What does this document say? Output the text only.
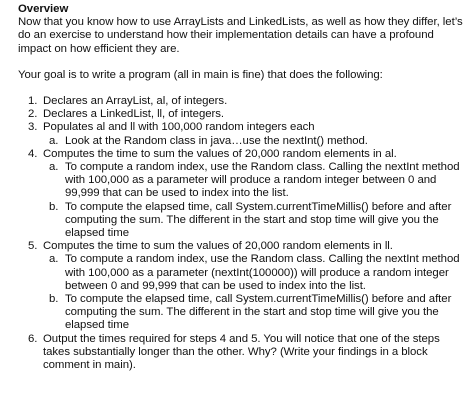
Overview

Now that you know how to use ArrayLists and LinkedLists, as well as how they differ, let’s do an exercise to understand how their implementation details can have a profound impact on how efficient they are.

Your goal is to write a program (all in main is fine) that does the following:

1. Declares an ArrayList, al, of integers.
2. Declares a LinkedList, ll, of integers.
3. Populates al and ll with 100,000 random integers each
a. Look at the Random class in java…use the nextInt() method.
4. Computes the time to sum the values of 20,000 random elements in al.
a. To compute a random index, use the Random class. Calling the nextInt method with 100,000 as a parameter will produce a random integer between 0 and 99,999 that can be used to index into the list.
b. To compute the elapsed time, call System.currentTimeMillis() before and after computing the sum. The different in the start and stop time will give you the elapsed time
5. Computes the time to sum the values of 20,000 random elements in ll.
a. To compute a random index, use the Random class. Calling the nextInt method with 100,000 as a parameter (nextInt(100000)) will produce a random integer between 0 and 99,999 that can be used to index into the list.
b. To compute the elapsed time, call System.currentTimeMillis() before and after computing the sum. The different in the start and stop time will give you the elapsed time
6. Output the times required for steps 4 and 5. You will notice that one of the steps takes substantially longer than the other. Why? (Write your findings in a block comment in main).
